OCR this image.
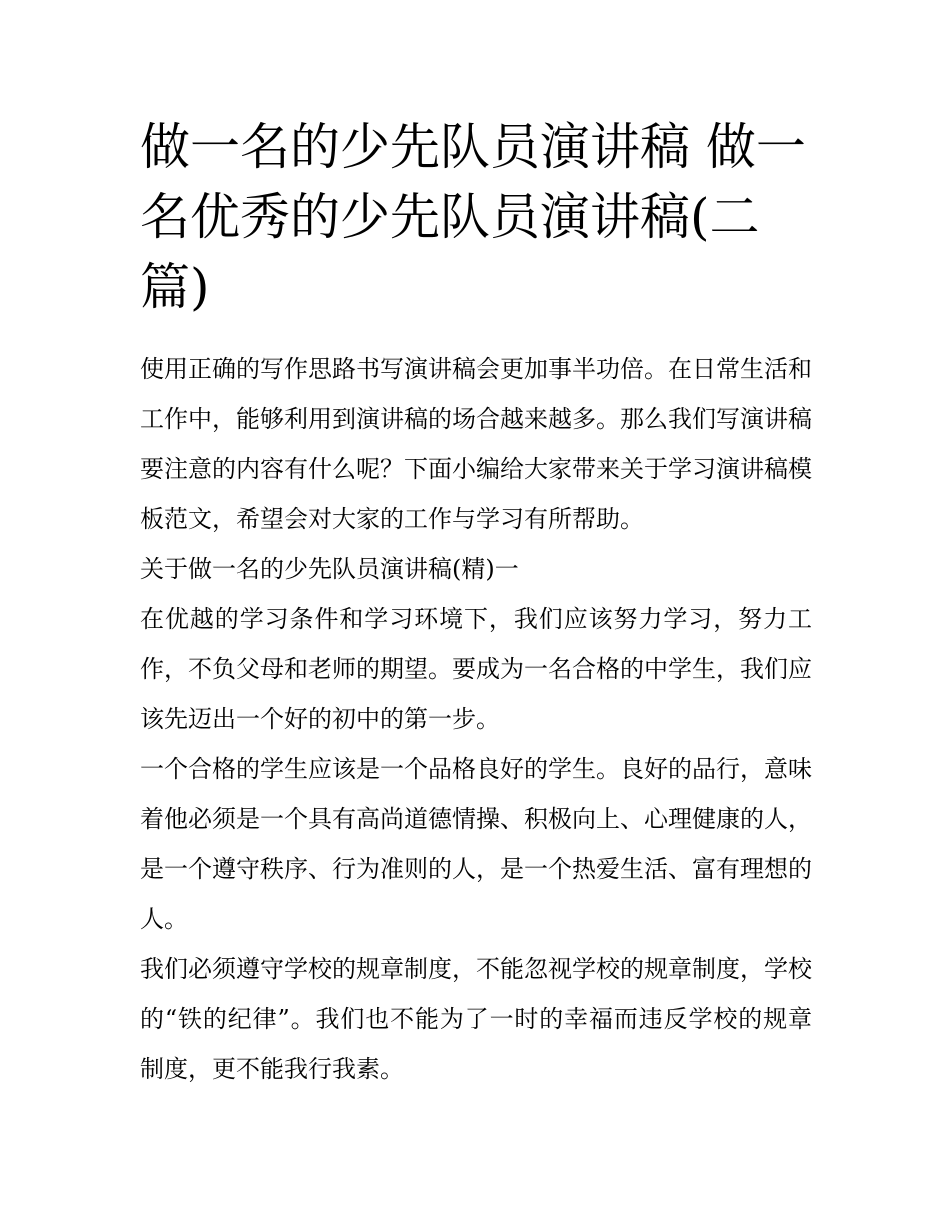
做一名的少先队员演讲稿 做一名优秀的少先队员演讲稿(二篇)

使用正确的写作思路书写演讲稿会更加事半功倍。在日常生活和工作中，能够利用到演讲稿的场合越来越多。那么我们写演讲稿要注意的内容有什么呢？下面小编给大家带来关于学习演讲稿模板范文，希望会对大家的工作与学习有所帮助。

关于做一名的少先队员演讲稿(精)一

在优越的学习条件和学习环境下，我们应该努力学习，努力工作，不负父母和老师的期望。要成为一名合格的中学生，我们应该先迈出一个好的初中的第一步。

一个合格的学生应该是一个品格良好的学生。良好的品行，意味着他必须是一个具有高尚道德情操、积极向上、心理健康的人，是一个遵守秩序、行为准则的人，是一个热爱生活、富有理想的人。

我们必须遵守学校的规章制度，不能忽视学校的规章制度，学校的“铁的纪律”。我们也不能为了一时的幸福而违反学校的规章制度，更不能我行我素。
